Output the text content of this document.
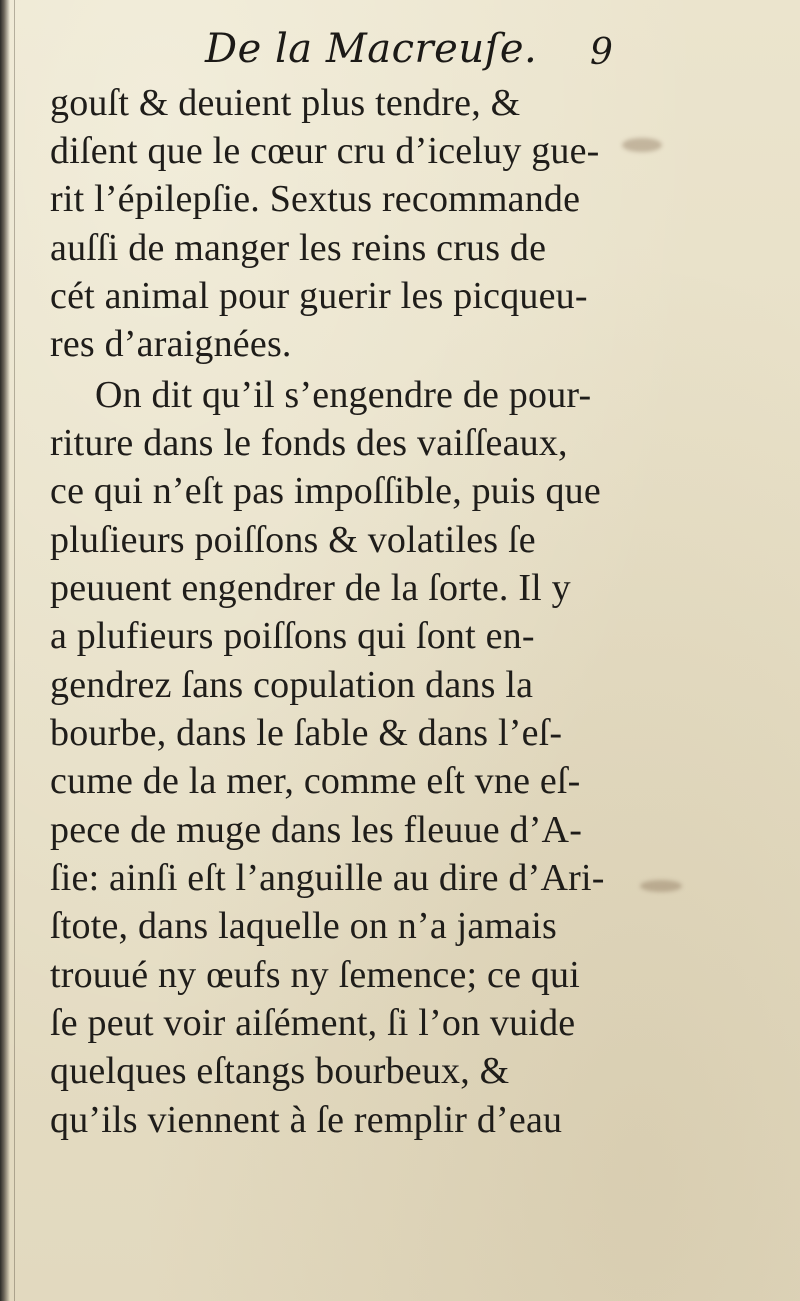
De la Macreuſe. 9
gouſt & deuient plus tendre, &
diſent que le cœur cru d’iceluy gue-
rit l’épilepſie. Sextus recommande
auſſi de manger les reins crus de
cét animal pour guerir les picqueu-
res d’araignées.
On dit qu’il s’engendre de pour-
riture dans le fonds des vaiſſeaux,
ce qui n’eſt pas impoſſible, puis que
pluſieurs poiſſons & volatiles ſe
peuuent engendrer de la ſorte. Il y
a plufieurs poiſſons qui ſont en-
gendrez ſans copulation dans la
bourbe, dans le ſable & dans l’eſ-
cume de la mer, comme eſt vne eſ-
pece de muge dans les fleuue d’A-
ſie: ainſi eſt l’anguille au dire d’Ari-
ſtote, dans laquelle on n’a jamais
trouué ny œufs ny ſemence; ce qui
ſe peut voir aiſément, ſi l’on vuide
quelques eſtangs bourbeux, &
qu’ils viennent à ſe remplir d’eau
